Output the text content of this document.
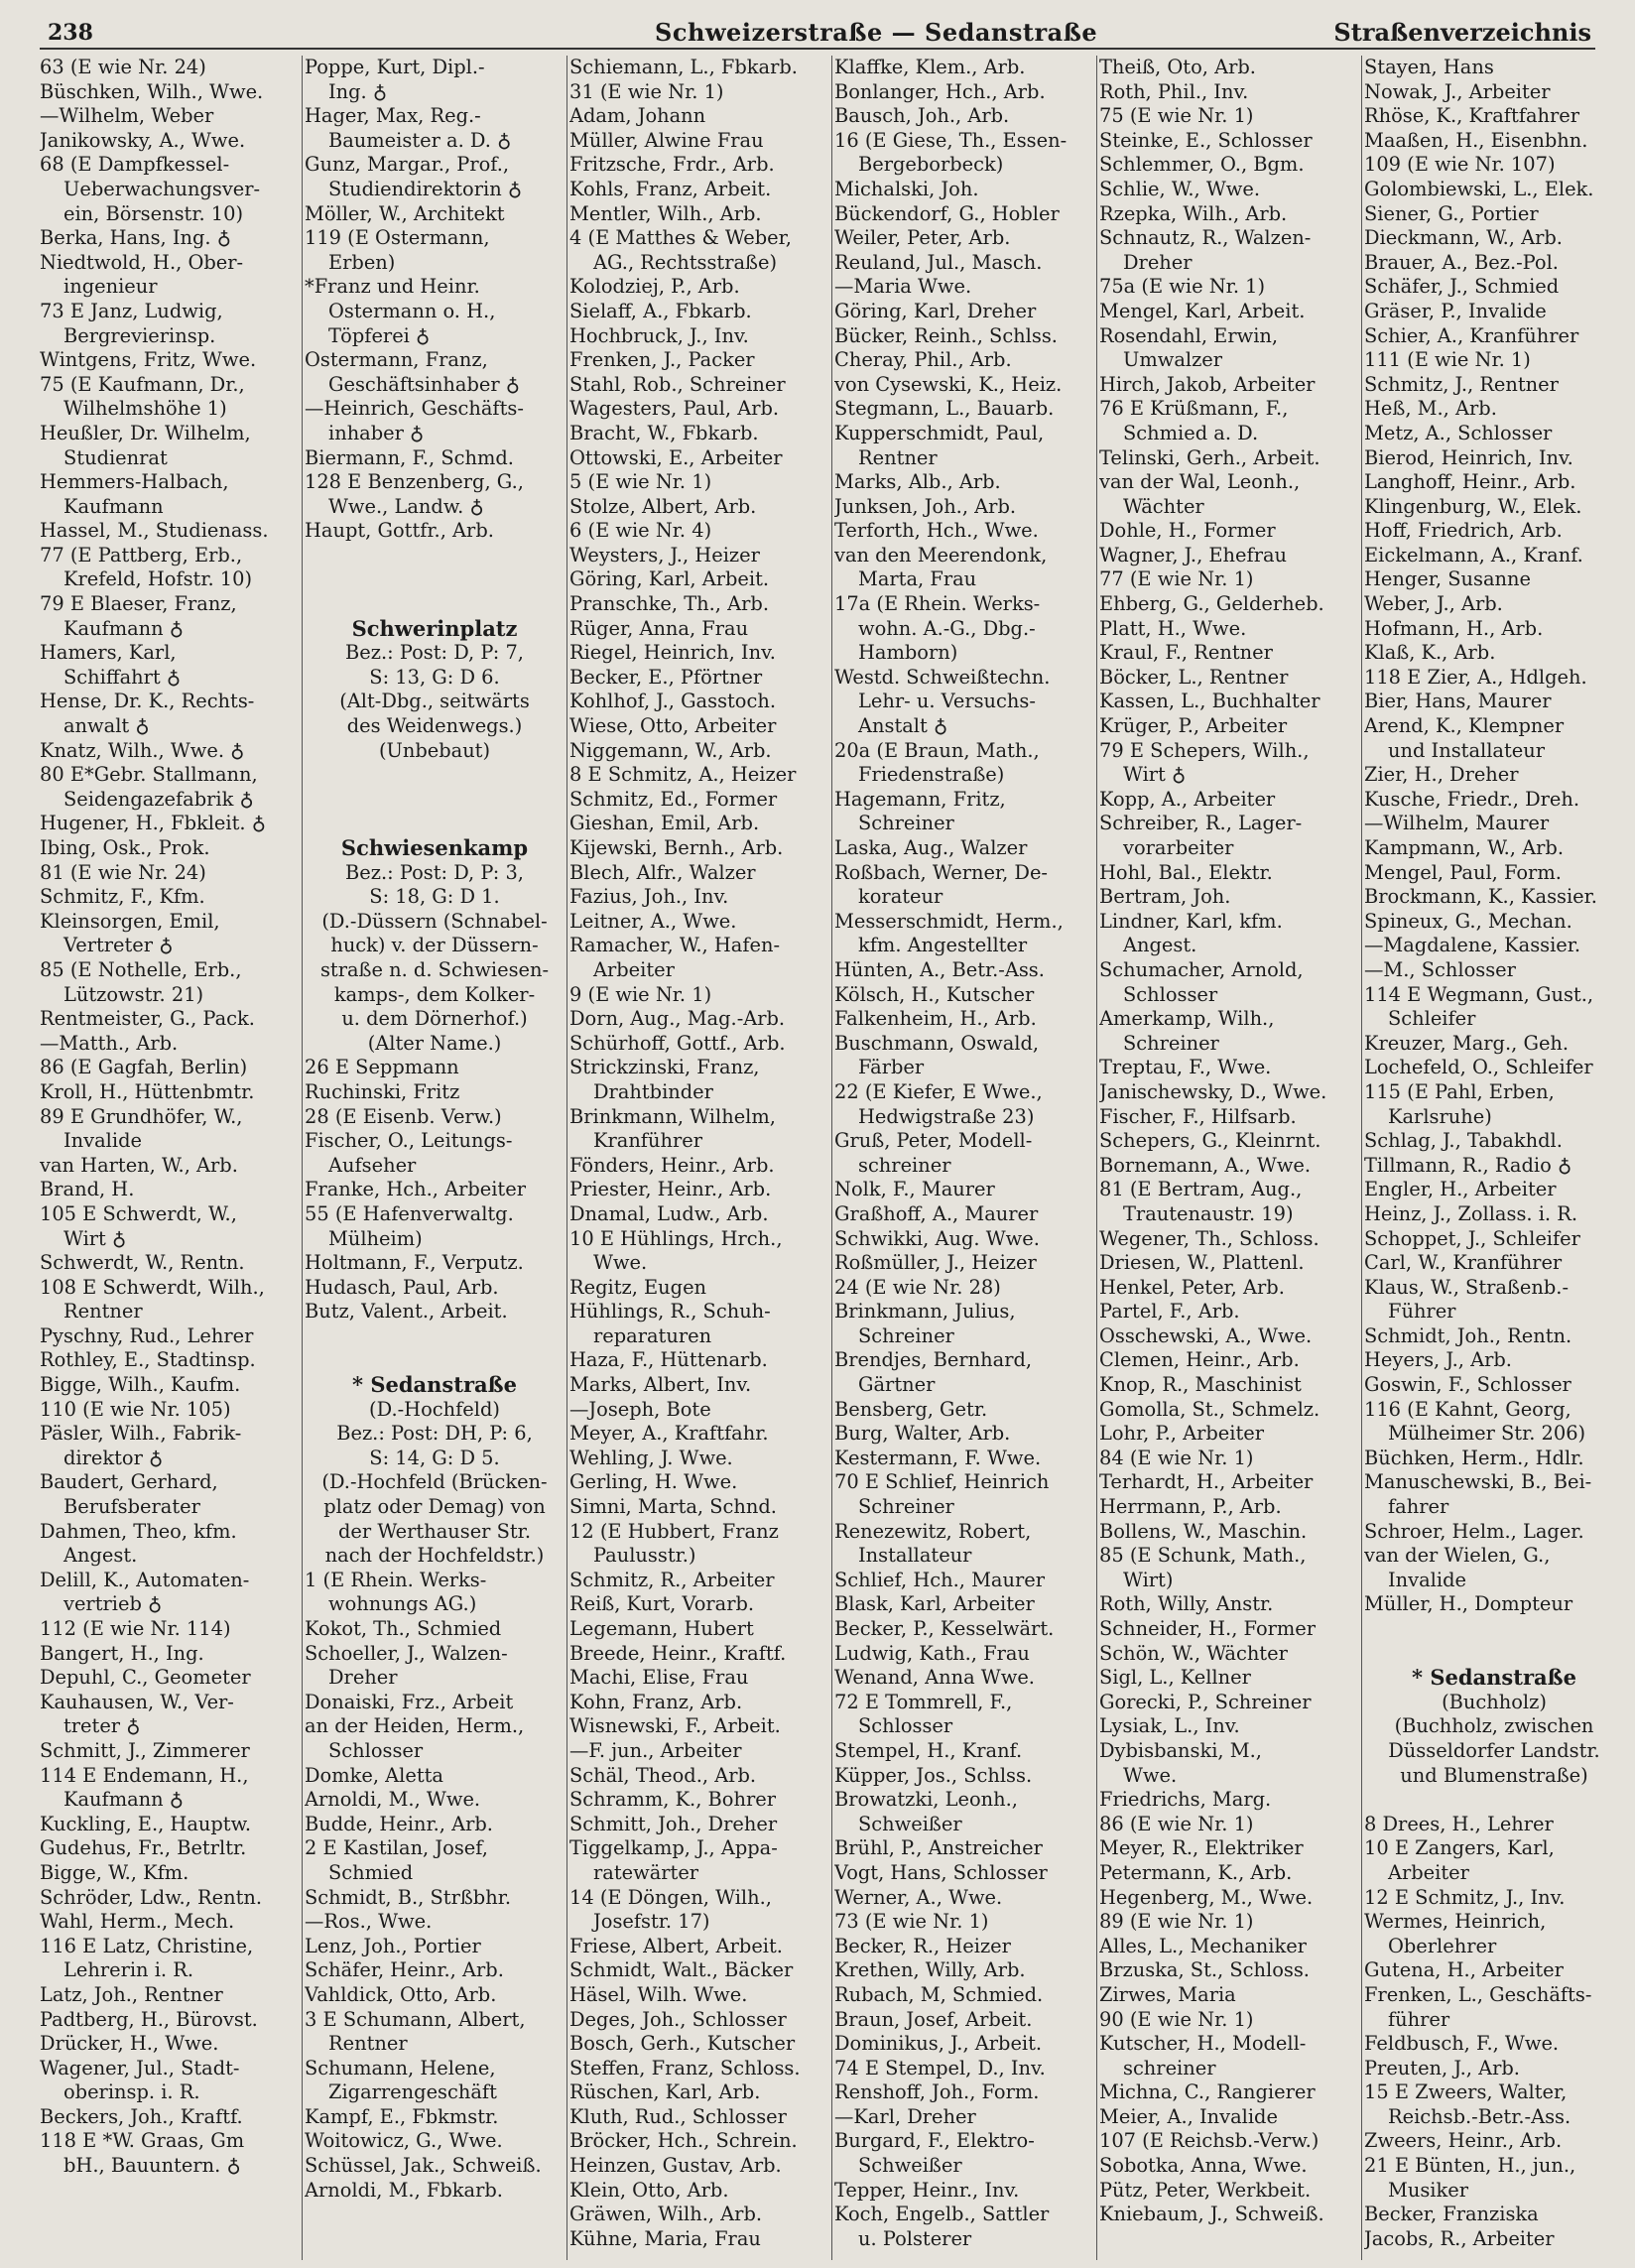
238	Schweizerstraße — Sedanstraße	Straßenverzeichnis
63 (E wie Nr. 24)
Büschken, Wilh., Wwe.
—Wilhelm, Weber
Janikowsky, A., Wwe.
68 (E Dampfkessel-
Ueberwachungsver-
ein, Börsenstr. 10)
Berka, Hans, Ing. ♁
Niedtwold, H., Ober-
ingenieur
73 E Janz, Ludwig,
Bergrevierinsp.
Wintgens, Fritz, Wwe.
75 (E Kaufmann, Dr.,
Wilhelmshöhe 1)
Heußler, Dr. Wilhelm,
Studienrat
Hemmers-Halbach,
Kaufmann
Hassel, M., Studienass.
77 (E Pattberg, Erb.,
Krefeld, Hofstr. 10)
79 E Blaeser, Franz,
Kaufmann ♁
Hamers, Karl,
Schiffahrt ♁
Hense, Dr. K., Rechts-
anwalt ♁
Knatz, Wilh., Wwe. ♁
80 E*Gebr. Stallmann,
Seidengazefabrik ♁
Hugener, H., Fbkleit. ♁
Ibing, Osk., Prok.
81 (E wie Nr. 24)
Schmitz, F., Kfm.
Kleinsorgen, Emil,
Vertreter ♁
85 (E Nothelle, Erb.,
Lützowstr. 21)
Rentmeister, G., Pack.
—Matth., Arb.
86 (E Gagfah, Berlin)
Kroll, H., Hüttenbmtr.
89 E Grundhöfer, W.,
Invalide
van Harten, W., Arb.
Brand, H.
105 E Schwerdt, W.,
Wirt ♁
Schwerdt, W., Rentn.
108 E Schwerdt, Wilh.,
Rentner
Pyschny, Rud., Lehrer
Rothley, E., Stadtinsp.
Bigge, Wilh., Kaufm.
110 (E wie Nr. 105)
Päsler, Wilh., Fabrik-
direktor ♁
Baudert, Gerhard,
Berufsberater
Dahmen, Theo, kfm.
Angest.
Delill, K., Automaten-
vertrieb ♁
112 (E wie Nr. 114)
Bangert, H., Ing.
Depuhl, C., Geometer
Kauhausen, W., Ver-
treter ♁
Schmitt, J., Zimmerer
114 E Endemann, H.,
Kaufmann ♁
Kuckling, E., Hauptw.
Gudehus, Fr., Betrltr.
Bigge, W., Kfm.
Schröder, Ldw., Rentn.
Wahl, Herm., Mech.
116 E Latz, Christine,
Lehrerin i. R.
Latz, Joh., Rentner
Padtberg, H., Bürovst.
Drücker, H., Wwe.
Wagener, Jul., Stadt-
oberinsp. i. R.
Beckers, Joh., Kraftf.
118 E *W. Graas, Gm
bH., Bauuntern. ♁
Poppe, Kurt, Dipl.-
Ing. ♁
Hager, Max, Reg.-
Baumeister a. D. ♁
Gunz, Margar., Prof.,
Studiendirektorin ♁
Möller, W., Architekt
119 (E Ostermann,
Erben)
*Franz und Heinr.
Ostermann o. H.,
Töpferei ♁
Ostermann, Franz,
Geschäftsinhaber ♁
—Heinrich, Geschäfts-
inhaber ♁
Biermann, F., Schmd.
128 E Benzenberg, G.,
Wwe., Landw. ♁
Haupt, Gottfr., Arb.
Schwerinplatz
Bez.: Post: D, P: 7,
S: 13, G: D 6.
(Alt-Dbg., seitwärts
des Weidenwegs.)
(Unbebaut)
Schwiesenkamp
Bez.: Post: D, P: 3,
S: 18, G: D 1.
(D.-Düssern (Schnabel-
huck) v. der Düssern-
straße n. d. Schwiesen-
kamps-, dem Kolker-
u. dem Dörnerhof.)
(Alter Name.)
26 E Seppmann
Ruchinski, Fritz
28 (E Eisenb. Verw.)
Fischer, O., Leitungs-
Aufseher
Franke, Hch., Arbeiter
55 (E Hafenverwaltg.
Mülheim)
Holtmann, F., Verputz.
Hudasch, Paul, Arb.
Butz, Valent., Arbeit.
* Sedanstraße
(D.-Hochfeld)
Bez.: Post: DH, P: 6,
S: 14, G: D 5.
(D.-Hochfeld (Brücken-
platz oder Demag) von
der Werthauser Str.
nach der Hochfeldstr.)
1 (E Rhein. Werks-
wohnungs AG.)
Kokot, Th., Schmied
Schoeller, J., Walzen-
Dreher
Donaiski, Frz., Arbeit
an der Heiden, Herm.,
Schlosser
Domke, Aletta
Arnoldi, M., Wwe.
Budde, Heinr., Arb.
2 E Kastilan, Josef,
Schmied
Schmidt, B., Strßbhr.
—Ros., Wwe.
Lenz, Joh., Portier
Schäfer, Heinr., Arb.
Vahldick, Otto, Arb.
3 E Schumann, Albert,
Rentner
Schumann, Helene,
Zigarrengeschäft
Kampf, E., Fbkmstr.
Woitowicz, G., Wwe.
Schüssel, Jak., Schweiß.
Arnoldi, M., Fbkarb.
Schiemann, L., Fbkarb.
31 (E wie Nr. 1)
Adam, Johann
Müller, Alwine Frau
Fritzsche, Frdr., Arb.
Kohls, Franz, Arbeit.
Mentler, Wilh., Arb.
4 (E Matthes & Weber,
AG., Rechtsstraße)
Kolodziej, P., Arb.
Sielaff, A., Fbkarb.
Hochbruck, J., Inv.
Frenken, J., Packer
Stahl, Rob., Schreiner
Wagesters, Paul, Arb.
Bracht, W., Fbkarb.
Ottowski, E., Arbeiter
5 (E wie Nr. 1)
Stolze, Albert, Arb.
6 (E wie Nr. 4)
Weysters, J., Heizer
Göring, Karl, Arbeit.
Pranschke, Th., Arb.
Rüger, Anna, Frau
Riegel, Heinrich, Inv.
Becker, E., Pförtner
Kohlhof, J., Gasstoch.
Wiese, Otto, Arbeiter
Niggemann, W., Arb.
8 E Schmitz, A., Heizer
Schmitz, Ed., Former
Gieshan, Emil, Arb.
Kijewski, Bernh., Arb.
Blech, Alfr., Walzer
Fazius, Joh., Inv.
Leitner, A., Wwe.
Ramacher, W., Hafen-
Arbeiter
9 (E wie Nr. 1)
Dorn, Aug., Mag.-Arb.
Schürhoff, Gottf., Arb.
Strickzinski, Franz,
Drahtbinder
Brinkmann, Wilhelm,
Kranführer
Fönders, Heinr., Arb.
Priester, Heinr., Arb.
Dnamal, Ludw., Arb.
10 E Hühlings, Hrch.,
Wwe.
Regitz, Eugen
Hühlings, R., Schuh-
reparaturen
Haza, F., Hüttenarb.
Marks, Albert, Inv.
—Joseph, Bote
Meyer, A., Kraftfahr.
Wehling, J. Wwe.
Gerling, H. Wwe.
Simni, Marta, Schnd.
12 (E Hubbert, Franz
Paulusstr.)
Schmitz, R., Arbeiter
Reiß, Kurt, Vorarb.
Legemann, Hubert
Breede, Heinr., Kraftf.
Machi, Elise, Frau
Kohn, Franz, Arb.
Wisnewski, F., Arbeit.
—F. jun., Arbeiter
Schäl, Theod., Arb.
Schramm, K., Bohrer
Schmitt, Joh., Dreher
Tiggelkamp, J., Appa-
ratewärter
14 (E Döngen, Wilh.,
Josefstr. 17)
Friese, Albert, Arbeit.
Schmidt, Walt., Bäcker
Häsel, Wilh. Wwe.
Deges, Joh., Schlosser
Bosch, Gerh., Kutscher
Steffen, Franz, Schloss.
Rüschen, Karl, Arb.
Kluth, Rud., Schlosser
Bröcker, Hch., Schrein.
Heinzen, Gustav, Arb.
Klein, Otto, Arb.
Gräwen, Wilh., Arb.
Kühne, Maria, Frau
Klaffke, Klem., Arb.
Bonlanger, Hch., Arb.
Bausch, Joh., Arb.
16 (E Giese, Th., Essen-
Bergeborbeck)
Michalski, Joh.
Bückendorf, G., Hobler
Weiler, Peter, Arb.
Reuland, Jul., Masch.
—Maria Wwe.
Göring, Karl, Dreher
Bücker, Reinh., Schlss.
Cheray, Phil., Arb.
von Cysewski, K., Heiz.
Stegmann, L., Bauarb.
Kupperschmidt, Paul,
Rentner
Marks, Alb., Arb.
Junksen, Joh., Arb.
Terforth, Hch., Wwe.
van den Meerendonk,
Marta, Frau
17a (E Rhein. Werks-
wohn. A.-G., Dbg.-
Hamborn)
Westd. Schweißtechn.
Lehr- u. Versuchs-
Anstalt ♁
20a (E Braun, Math.,
Friedenstraße)
Hagemann, Fritz,
Schreiner
Laska, Aug., Walzer
Roßbach, Werner, De-
korateur
Messerschmidt, Herm.,
kfm. Angestellter
Hünten, A., Betr.-Ass.
Kölsch, H., Kutscher
Falkenheim, H., Arb.
Buschmann, Oswald,
Färber
22 (E Kiefer, E Wwe.,
Hedwigstraße 23)
Gruß, Peter, Modell-
schreiner
Nolk, F., Maurer
Graßhoff, A., Maurer
Schwikki, Aug. Wwe.
Roßmüller, J., Heizer
24 (E wie Nr. 28)
Brinkmann, Julius,
Schreiner
Brendjes, Bernhard,
Gärtner
Bensberg, Getr.
Burg, Walter, Arb.
Kestermann, F. Wwe.
70 E Schlief, Heinrich
Schreiner
Renezewitz, Robert,
Installateur
Schlief, Hch., Maurer
Blask, Karl, Arbeiter
Becker, P., Kesselwärt.
Ludwig, Kath., Frau
Wenand, Anna Wwe.
72 E Tommrell, F.,
Schlosser
Stempel, H., Kranf.
Küpper, Jos., Schlss.
Browatzki, Leonh.,
Schweißer
Brühl, P., Anstreicher
Vogt, Hans, Schlosser
Werner, A., Wwe.
73 (E wie Nr. 1)
Becker, R., Heizer
Krethen, Willy, Arb.
Rubach, M, Schmied.
Braun, Josef, Arbeit.
Dominikus, J., Arbeit.
74 E Stempel, D., Inv.
Renshoff, Joh., Form.
—Karl, Dreher
Burgard, F., Elektro-
Schweißer
Tepper, Heinr., Inv.
Koch, Engelb., Sattler
u. Polsterer
Theiß, Oto, Arb.
Roth, Phil., Inv.
75 (E wie Nr. 1)
Steinke, E., Schlosser
Schlemmer, O., Bgm.
Schlie, W., Wwe.
Rzepka, Wilh., Arb.
Schnautz, R., Walzen-
Dreher
75a (E wie Nr. 1)
Mengel, Karl, Arbeit.
Rosendahl, Erwin,
Umwalzer
Hirch, Jakob, Arbeiter
76 E Krüßmann, F.,
Schmied a. D.
Telinski, Gerh., Arbeit.
van der Wal, Leonh.,
Wächter
Dohle, H., Former
Wagner, J., Ehefrau
77 (E wie Nr. 1)
Ehberg, G., Gelderheb.
Platt, H., Wwe.
Kraul, F., Rentner
Böcker, L., Rentner
Kassen, L., Buchhalter
Krüger, P., Arbeiter
79 E Schepers, Wilh.,
Wirt ♁
Kopp, A., Arbeiter
Schreiber, R., Lager-
vorarbeiter
Hohl, Bal., Elektr.
Bertram, Joh.
Lindner, Karl, kfm.
Angest.
Schumacher, Arnold,
Schlosser
Amerkamp, Wilh.,
Schreiner
Treptau, F., Wwe.
Janischewsky, D., Wwe.
Fischer, F., Hilfsarb.
Schepers, G., Kleinrnt.
Bornemann, A., Wwe.
81 (E Bertram, Aug.,
Trautenaustr. 19)
Wegener, Th., Schloss.
Driesen, W., Plattenl.
Henkel, Peter, Arb.
Partel, F., Arb.
Osschewski, A., Wwe.
Clemen, Heinr., Arb.
Knop, R., Maschinist
Gomolla, St., Schmelz.
Lohr, P., Arbeiter
84 (E wie Nr. 1)
Terhardt, H., Arbeiter
Herrmann, P., Arb.
Bollens, W., Maschin.
85 (E Schunk, Math.,
Wirt)
Roth, Willy, Anstr.
Schneider, H., Former
Schön, W., Wächter
Sigl, L., Kellner
Gorecki, P., Schreiner
Lysiak, L., Inv.
Dybisbanski, M.,
Wwe.
Friedrichs, Marg.
86 (E wie Nr. 1)
Meyer, R., Elektriker
Petermann, K., Arb.
Hegenberg, M., Wwe.
89 (E wie Nr. 1)
Alles, L., Mechaniker
Brzuska, St., Schloss.
Zirwes, Maria
90 (E wie Nr. 1)
Kutscher, H., Modell-
schreiner
Michna, C., Rangierer
Meier, A., Invalide
107 (E Reichsb.-Verw.)
Sobotka, Anna, Wwe.
Pütz, Peter, Werkbeit.
Kniebaum, J., Schweiß.
Stayen, Hans
Nowak, J., Arbeiter
Rhöse, K., Kraftfahrer
Maaßen, H., Eisenbhn.
109 (E wie Nr. 107)
Golombiewski, L., Elek.
Siener, G., Portier
Dieckmann, W., Arb.
Brauer, A., Bez.-Pol.
Schäfer, J., Schmied
Gräser, P., Invalide
Schier, A., Kranführer
111 (E wie Nr. 1)
Schmitz, J., Rentner
Heß, M., Arb.
Metz, A., Schlosser
Bierod, Heinrich, Inv.
Langhoff, Heinr., Arb.
Klingenburg, W., Elek.
Hoff, Friedrich, Arb.
Eickelmann, A., Kranf.
Henger, Susanne
Weber, J., Arb.
Hofmann, H., Arb.
Klaß, K., Arb.
118 E Zier, A., Hdlgeh.
Bier, Hans, Maurer
Arend, K., Klempner
und Installateur
Zier, H., Dreher
Kusche, Friedr., Dreh.
—Wilhelm, Maurer
Kampmann, W., Arb.
Mengel, Paul, Form.
Brockmann, K., Kassier.
Spineux, G., Mechan.
—Magdalene, Kassier.
—M., Schlosser
114 E Wegmann, Gust.,
Schleifer
Kreuzer, Marg., Geh.
Lochefeld, O., Schleifer
115 (E Pahl, Erben,
Karlsruhe)
Schlag, J., Tabakhdl.
Tillmann, R., Radio ♁
Engler, H., Arbeiter
Heinz, J., Zollass. i. R.
Schoppet, J., Schleifer
Carl, W., Kranführer
Klaus, W., Straßenb.-
Führer
Schmidt, Joh., Rentn.
Heyers, J., Arb.
Goswin, F., Schlosser
116 (E Kahnt, Georg,
Mülheimer Str. 206)
Büchken, Herm., Hdlr.
Manuschewski, B., Bei-
fahrer
Schroer, Helm., Lager.
van der Wielen, G.,
Invalide
Müller, H., Dompteur
* Sedanstraße
(Buchholz)
(Buchholz, zwischen
Düsseldorfer Landstr.
und Blumenstraße)
8 Drees, H., Lehrer
10 E Zangers, Karl,
Arbeiter
12 E Schmitz, J., Inv.
Wermes, Heinrich,
Oberlehrer
Gutena, H., Arbeiter
Frenken, L., Geschäfts-
führer
Feldbusch, F., Wwe.
Preuten, J., Arb.
15 E Zweers, Walter,
Reichsb.-Betr.-Ass.
Zweers, Heinr., Arb.
21 E Bünten, H., jun.,
Musiker
Becker, Franziska
Jacobs, R., Arbeiter
